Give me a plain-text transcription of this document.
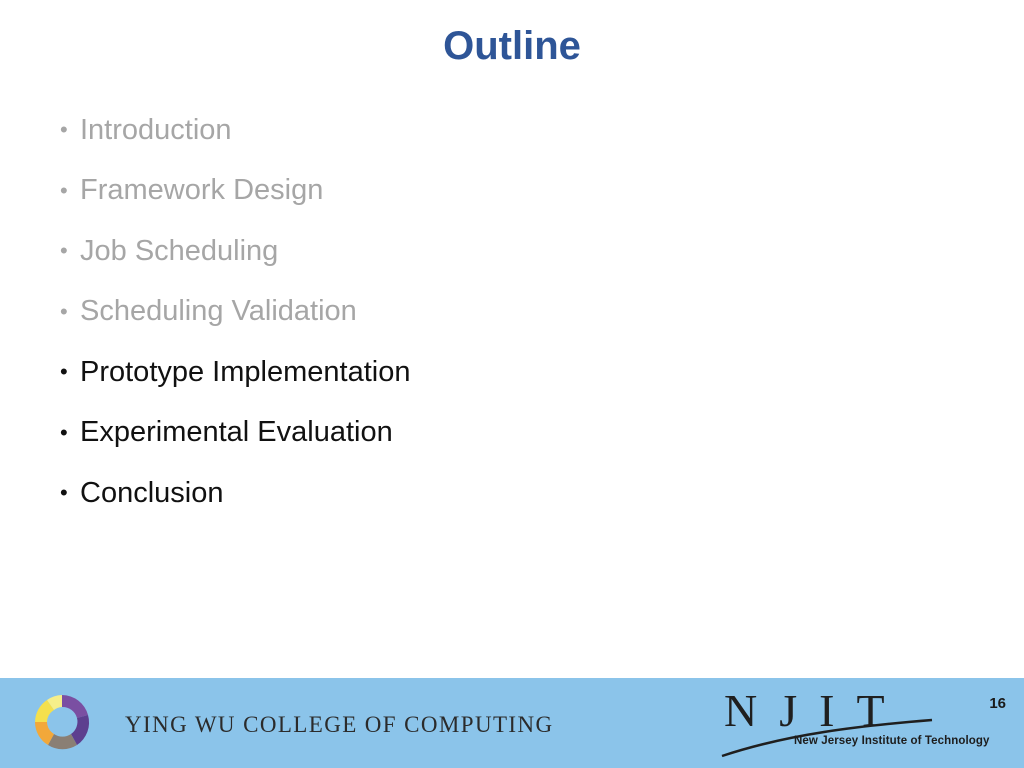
Outline
• Introduction
• Framework Design
• Job Scheduling
• Scheduling Validation
• Prototype Implementation
• Experimental Evaluation
• Conclusion
YING WU COLLEGE OF COMPUTING	NJIT
New Jersey Institute of Technology
16
